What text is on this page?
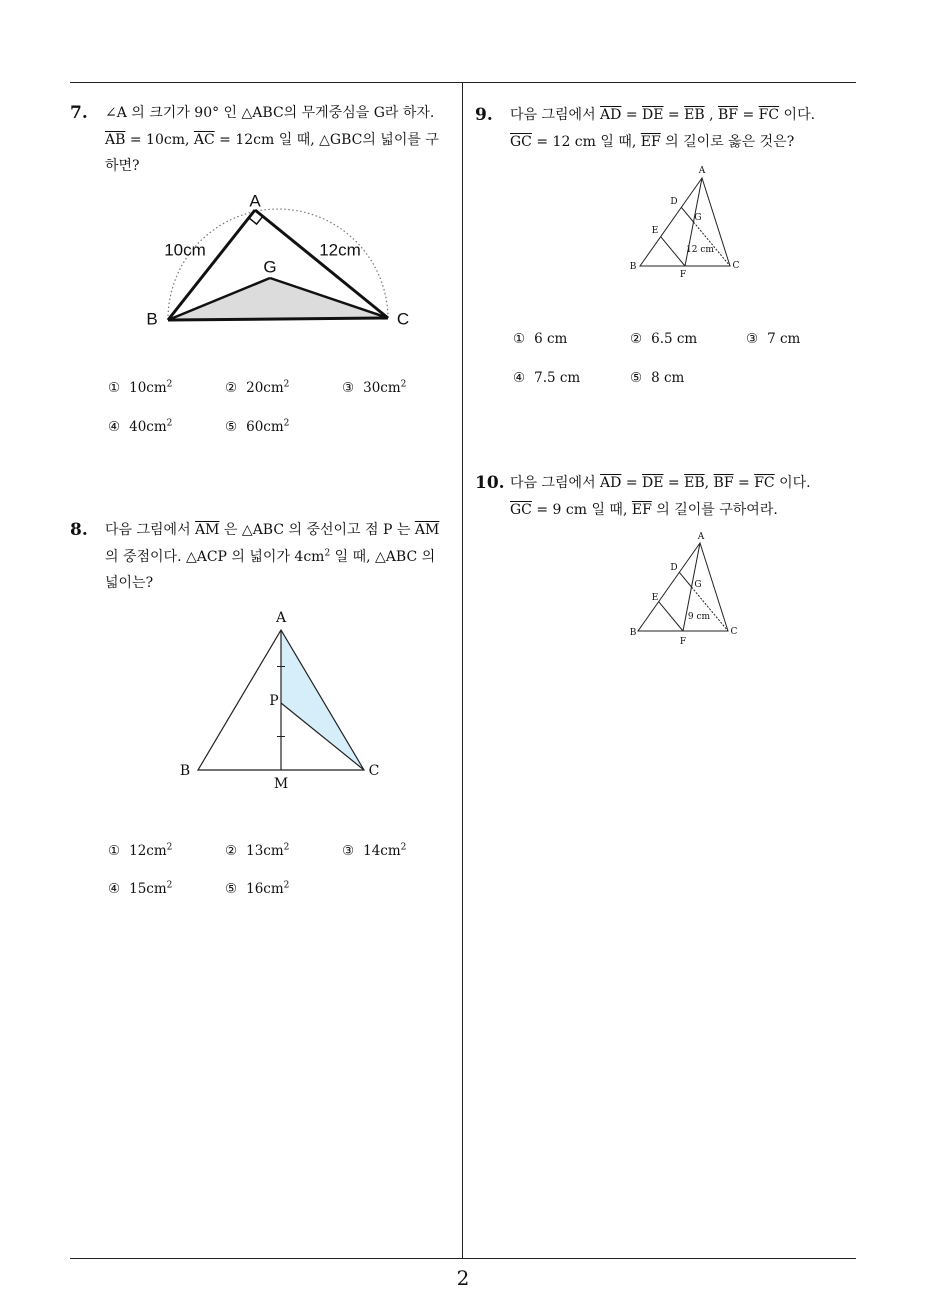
2
7. ∠A 의 크기가 90° 인 △ABC의 무게중심을 G라 하자.
$\overline{AB} = 10cm$, $\overline{AC} = 12cm$ 일 때, △GBC의 넓이를 구
하면?
A
10cm	12cm
G
B	C
① $10cm^2$	② $20cm^2$	③ $30cm^2$
④ $40cm^2$	⑤ $60cm^2$
8. 다음 그림에서 $\overline{AM}$ 은 △ABC 의 중선이고 점 P 는 $\overline{AM}$
의 중점이다. △ACP 의 넓이가 $4cm^2$ 일 때, △ABC 의
넓이는?
A
B	C
M
P
① $12cm^2$	② $13cm^2$	③ $14cm^2$
④ $15cm^2$	⑤ $16cm^2$
9. 다음 그림에서 $\overline{AD} = \overline{DE} = \overline{EB}$ , $\overline{BF} = \overline{FC}$ 이다.
$\overline{GC} = 12$ cm 일 때, $\overline{EF}$ 의 길이로 옳은 것은?
A
D
G
E
12 cm
B
F
C
① 6 cm	② 6.5 cm	③ 7 cm
④ 7.5 cm	⑤ 8 cm
10. 다음 그림에서 $\overline{AD} = \overline{DE} = \overline{EB}$, $\overline{BF} = \overline{FC}$ 이다.
$\overline{GC} = 9$ cm 일 때, $\overline{EF}$ 의 길이를 구하여라.
A
D
G
E
9 cm
B
F
C
